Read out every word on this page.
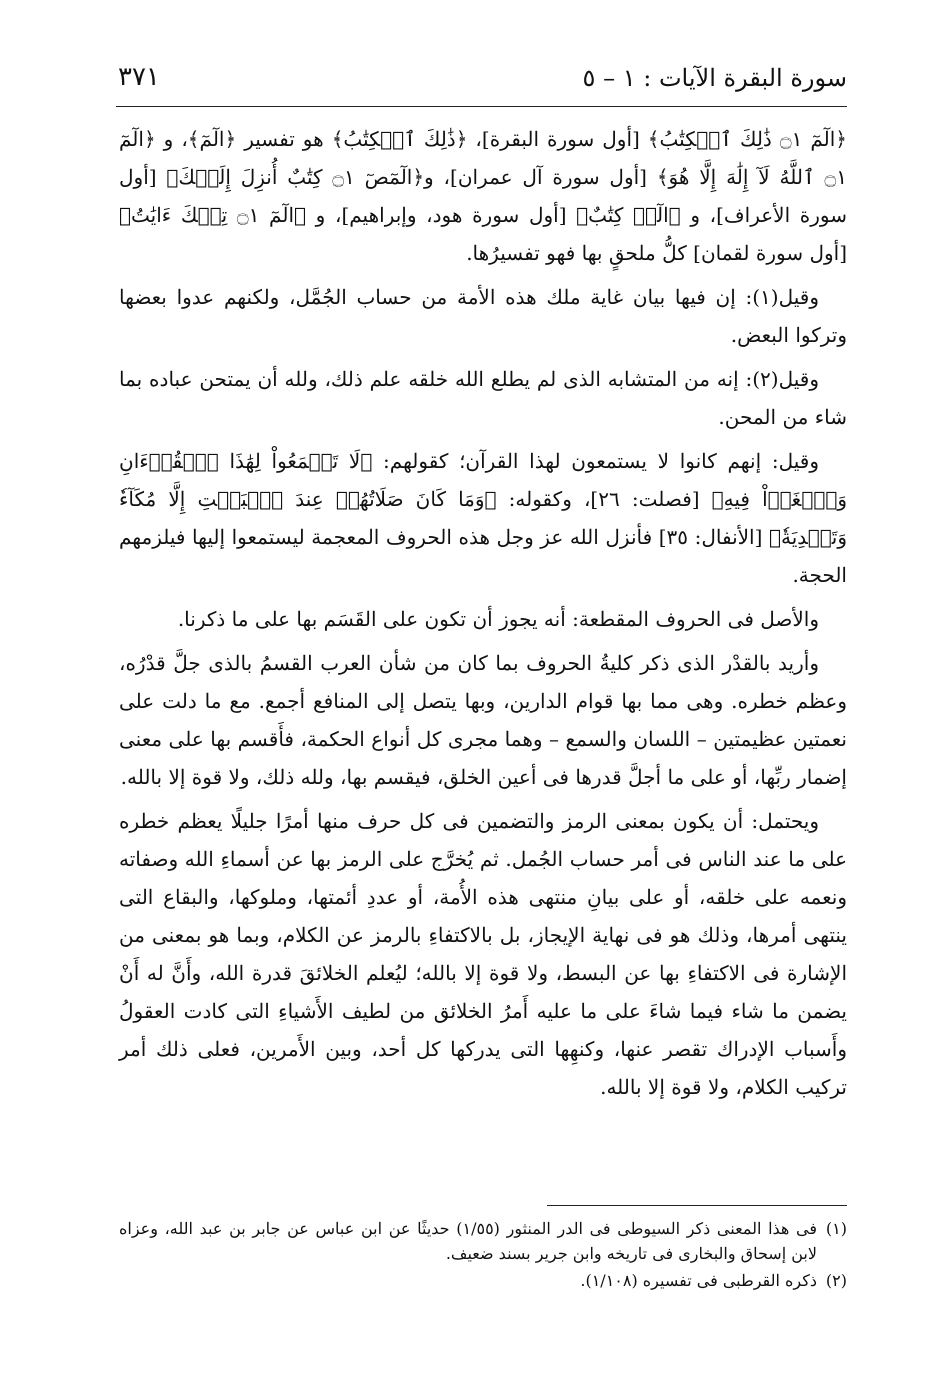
سورة البقرة الآيات : ١ – ٥
٣٧١

﴿الٓمٓ ۝١ ذَٰلِكَ ٱلۡكِتَٰبُ﴾ [أول سورة البقرة]، ﴿ذَٰلِكَ ٱلۡكِتَٰبُ﴾ هو تفسير ﴿الٓمٓ﴾، و ﴿الٓمٓ ۝١ ٱللَّهُ لَآ إِلَٰهَ إِلَّا هُوَ﴾ [أول سورة آل عمران]، و﴿الٓمٓصٓ ۝١ كِتَٰبٌ أُنزِلَ إِلَيۡكَ﴾ [أول سورة الأعراف]، و ﴿الٓرۚ كِتَٰبٌ﴾ [أول سورة هود، وإبراهيم]، و ﴿الٓمٓ ۝١ تِلۡكَ ءَايَٰتُ﴾ [أول سورة لقمان] كلُّ ملحقٍ بها فهو تفسيرُها.

وقيل(١): إن فيها بيان غاية ملك هذه الأمة من حساب الجُمَّل، ولكنهم عدوا بعضها وتركوا البعض.

وقيل(٢): إنه من المتشابه الذى لم يطلع الله خلقه علم ذلك، ولله أن يمتحن عباده بما شاء من المحن.

وقيل: إنهم كانوا لا يستمعون لهذا القرآن؛ كقولهم: ﴿لَا تَسۡمَعُواْ لِهَٰذَا ٱلۡقُرۡءَانِ وَٱلۡغَوۡاْ فِيهِ﴾ [فصلت: ٢٦]، وكقوله: ﴿وَمَا كَانَ صَلَاتُهُمۡ عِندَ ٱلۡبَيۡتِ إِلَّا مُكَآءٗ وَتَصۡدِيَةٗ﴾ [الأنفال: ٣٥] فأنزل الله عز وجل هذه الحروف المعجمة ليستمعوا إليها فيلزمهم الحجة.

والأصل فى الحروف المقطعة: أنه يجوز أن تكون على القَسَم بها على ما ذكرنا.

وأريد بالقدْر الذى ذكر كليةُ الحروف بما كان من شأن العرب القسمُ بالذى جلَّ قدْرُه، وعظم خطره. وهى مما بها قوام الدارين، وبها يتصل إلى المنافع أجمع. مع ما دلت على نعمتين عظيمتين – اللسان والسمع – وهما مجرى كل أنواع الحكمة، فأَقسم بها على معنى إضمار ربِّها، أو على ما أجلَّ قدرها فى أعين الخلق، فيقسم بها، ولله ذلك، ولا قوة إلا بالله.

ويحتمل: أن يكون بمعنى الرمز والتضمين فى كل حرف منها أمرًا جليلًا يعظم خطره على ما عند الناس فى أمر حساب الجُمل. ثم يُخرَّج على الرمز بها عن أسماءِ الله وصفاته ونعمه على خلقه، أو على بيانِ منتهى هذه الأُمة، أو عددِ أئمتها، وملوكها، والبقاع التى ينتهى أمرها، وذلك هو فى نهاية الإيجاز، بل بالاكتفاءِ بالرمز عن الكلام، وبما هو بمعنى من الإشارة فى الاكتفاءِ بها عن البسط، ولا قوة إلا بالله؛ ليُعلم الخلائقَ قدرة الله، وأَنَّ له أَنْ يضمن ما شاء فيما شاءَ على ما عليه أَمرُ الخلائق من لطيف الأَشياءِ التى كادت العقولُ وأَسباب الإدراك تقصر عنها، وكنهِها التى يدركها كل أحد، وبين الأَمرين، فعلى ذلك أمر تركيب الكلام، ولا قوة إلا بالله.

(١)
فى هذا المعنى ذكر السيوطى فى الدر المنثور (١/٥٥) حديثًا عن ابن عباس عن جابر بن عبد الله، وعزاه لابن إسحاق والبخارى فى تاريخه وابن جرير بسند ضعيف.
(٢)
ذكره القرطبى فى تفسيره (١/١٠٨).
